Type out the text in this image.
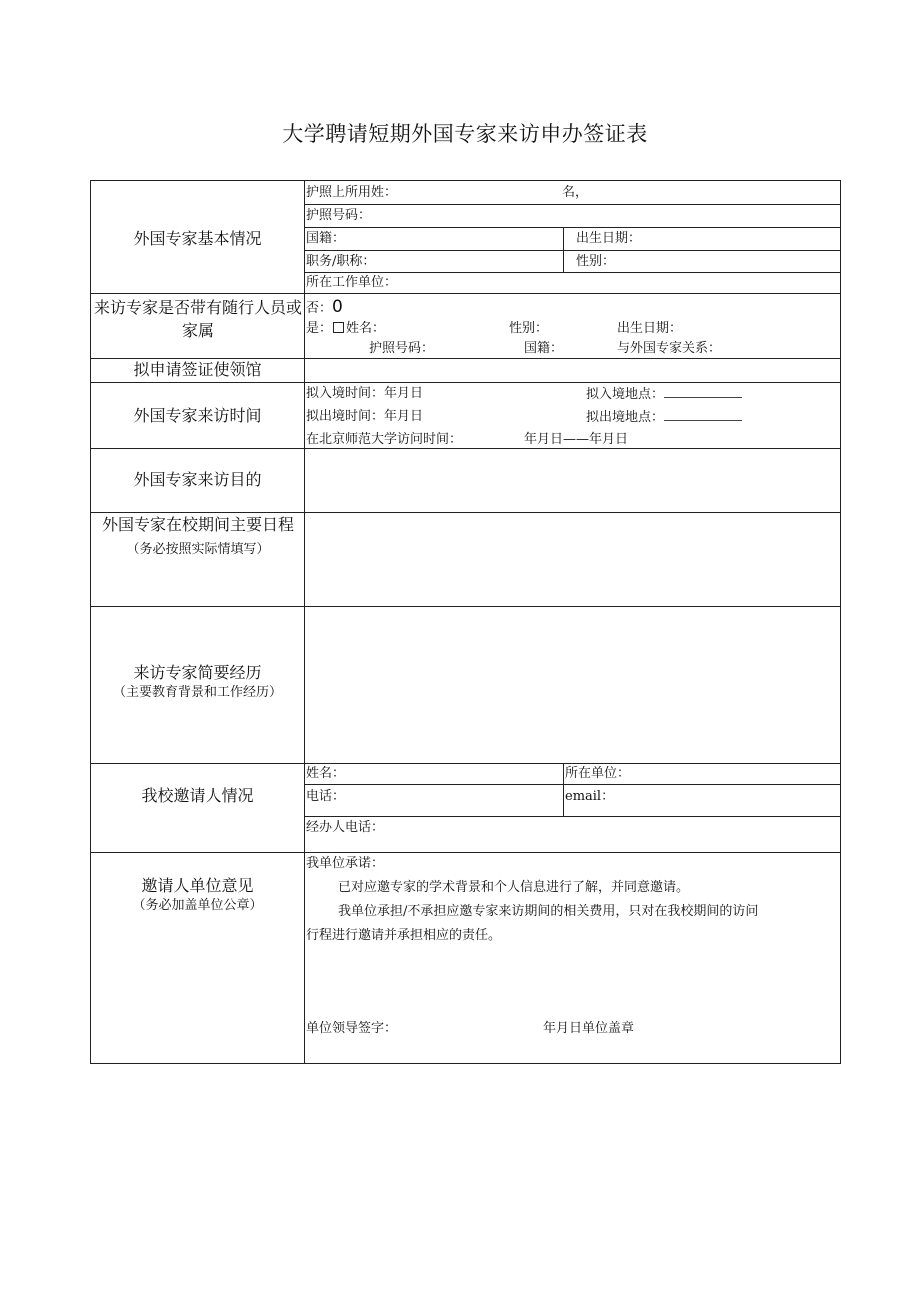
大学聘请短期外国专家来访申办签证表
外国专家基本情况
护照上所用姓：	名，
护照号码：
国籍：	出生日期：
职务/职称：	性别：
所在工作单位：
来访专家是否带有随行人员或家属
否：0
是： 姓名：	性别：	出生日期：
护照号码：	国籍：	与外国专家关系：
拟申请签证使领馆
外国专家来访时间
拟入境时间：年月日	拟入境地点：
拟出境时间：年月日	拟出境地点：
在北京师范大学访问时间：	年月日——年月日
外国专家来访目的
外国专家在校期间主要日程（务必按照实际情填写）
来访专家简要经历
（主要教育背景和工作经历）
我校邀请人情况
姓名：	所在单位：
电话：	email：
经办人电话：
邀请人单位意见
（务必加盖单位公章）
我单位承诺：
已对应邀专家的学术背景和个人信息进行了解，并同意邀请。
我单位承担/不承担应邀专家来访期间的相关费用，只对在我校期间的访问
行程进行邀请并承担相应的责任。
单位领导签字：	年月日单位盖章
